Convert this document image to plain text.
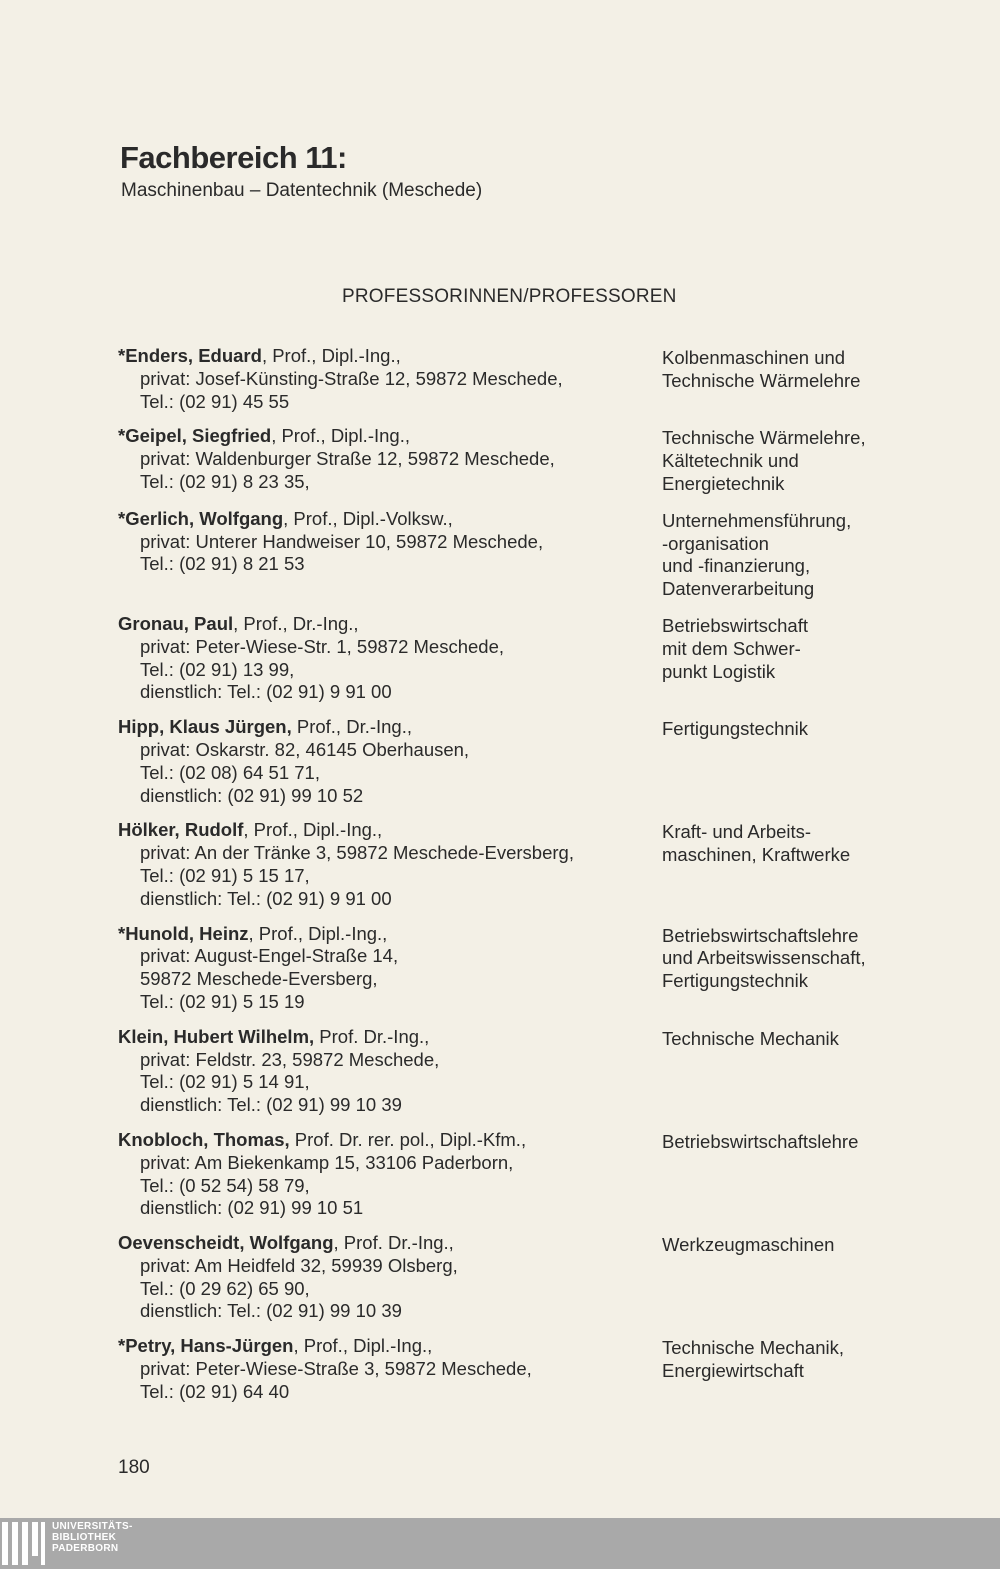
Fachbereich 11:
Maschinenbau – Datentechnik (Meschede)
PROFESSORINNEN/PROFESSOREN
*Enders, Eduard, Prof., Dipl.-Ing.,
privat: Josef-Künsting-Straße 12, 59872 Meschede,
Tel.: (02 91) 45 55
Kolbenmaschinen und
Technische Wärmelehre
*Geipel, Siegfried, Prof., Dipl.-Ing.,
privat: Waldenburger Straße 12, 59872 Meschede,
Tel.: (02 91) 8 23 35,
Technische Wärmelehre,
Kältetechnik und
Energietechnik
*Gerlich, Wolfgang, Prof., Dipl.-Volksw.,
privat: Unterer Handweiser 10, 59872 Meschede,
Tel.: (02 91) 8 21 53
Unternehmensführung,
-organisation
und -finanzierung,
Datenverarbeitung
Gronau, Paul, Prof., Dr.-Ing.,
privat: Peter-Wiese-Str. 1, 59872 Meschede,
Tel.: (02 91) 13 99,
dienstlich: Tel.: (02 91) 9 91 00
Betriebswirtschaft
mit dem Schwer-
punkt Logistik
Hipp, Klaus Jürgen, Prof., Dr.-Ing.,
privat: Oskarstr. 82, 46145 Oberhausen,
Tel.: (02 08) 64 51 71,
dienstlich: (02 91) 99 10 52
Fertigungstechnik
Hölker, Rudolf, Prof., Dipl.-Ing.,
privat: An der Tränke 3, 59872 Meschede-Eversberg,
Tel.: (02 91) 5 15 17,
dienstlich: Tel.: (02 91) 9 91 00
Kraft- und Arbeits-
maschinen, Kraftwerke
*Hunold, Heinz, Prof., Dipl.-Ing.,
privat: August-Engel-Straße 14,
59872 Meschede-Eversberg,
Tel.: (02 91) 5 15 19
Betriebswirtschaftslehre
und Arbeitswissenschaft,
Fertigungstechnik
Klein, Hubert Wilhelm, Prof. Dr.-Ing.,
privat: Feldstr. 23, 59872 Meschede,
Tel.: (02 91) 5 14 91,
dienstlich: Tel.: (02 91) 99 10 39
Technische Mechanik
Knobloch, Thomas, Prof. Dr. rer. pol., Dipl.-Kfm.,
privat: Am Biekenkamp 15, 33106 Paderborn,
Tel.: (0 52 54) 58 79,
dienstlich: (02 91) 99 10 51
Betriebswirtschaftslehre
Oevenscheidt, Wolfgang, Prof. Dr.-Ing.,
privat: Am Heidfeld 32, 59939 Olsberg,
Tel.: (0 29 62) 65 90,
dienstlich: Tel.: (02 91) 99 10 39
Werkzeugmaschinen
*Petry, Hans-Jürgen, Prof., Dipl.-Ing.,
privat: Peter-Wiese-Straße 3, 59872 Meschede,
Tel.: (02 91) 64 40
Technische Mechanik,
Energiewirtschaft
180
UNIVERSITÄTS-
BIBLIOTHEK
PADERBORN
